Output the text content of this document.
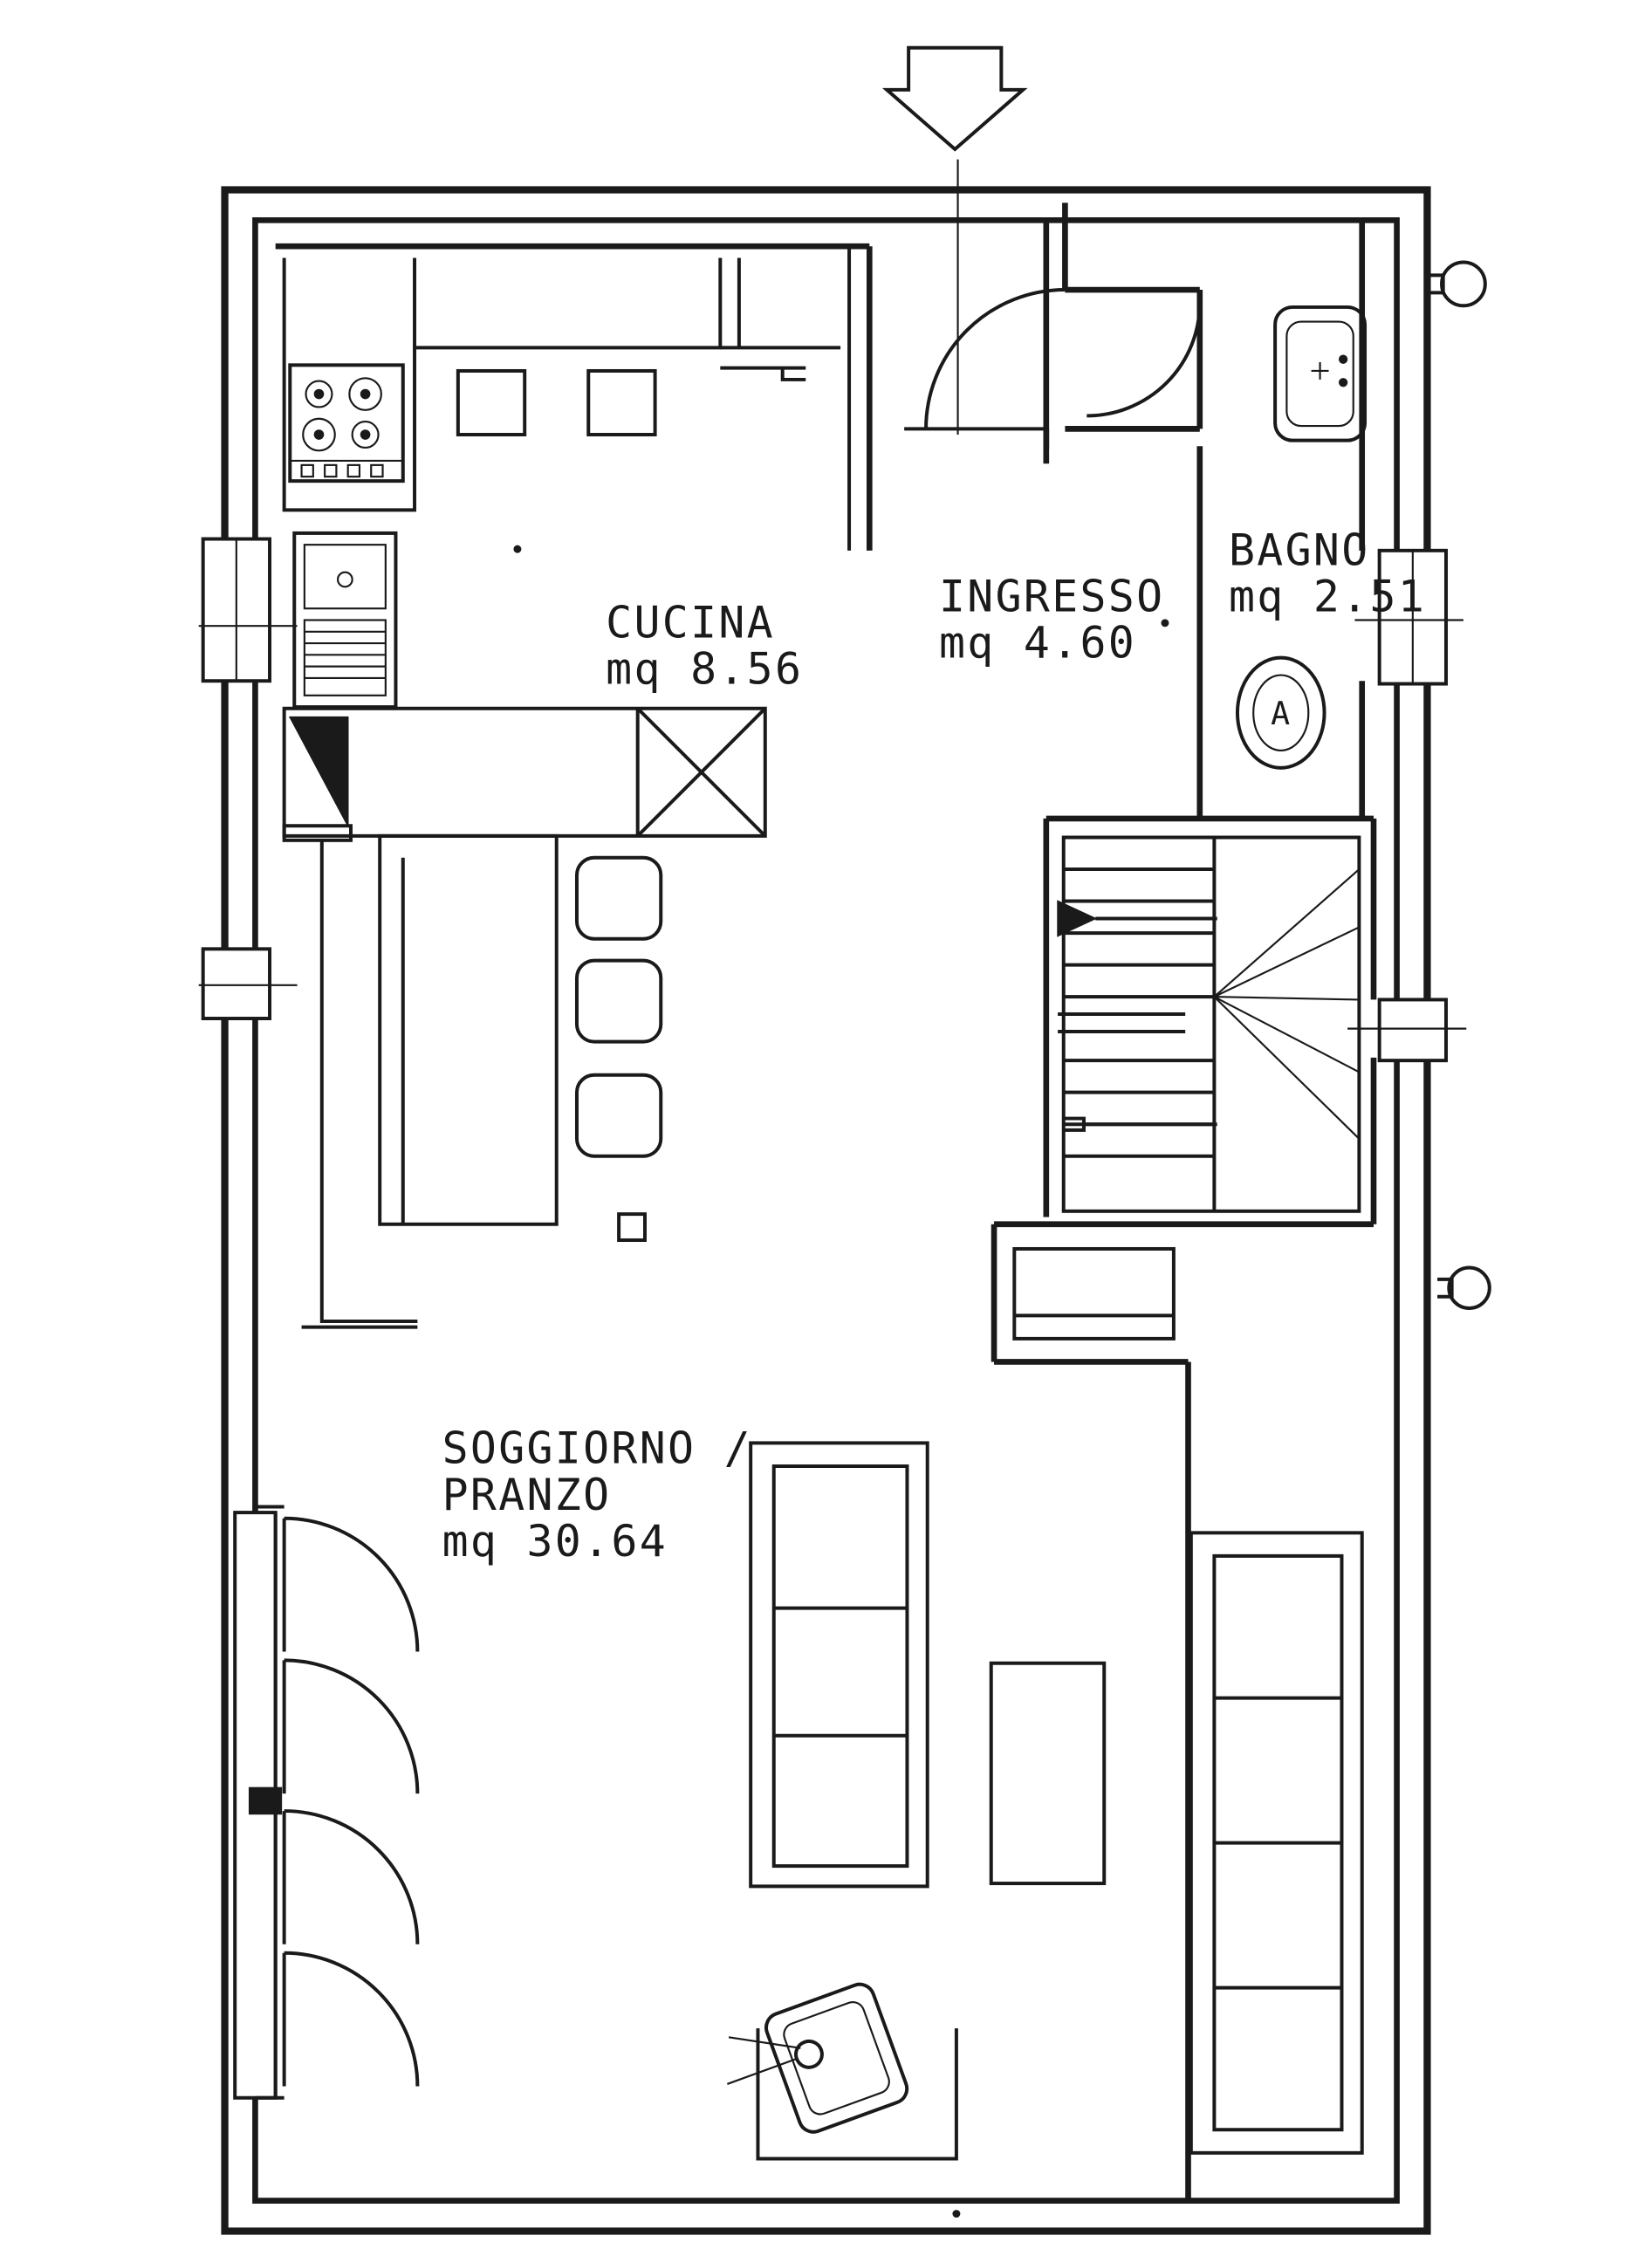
A
CUCINA
mq 8.56
INGRESSO
mq 4.60
BAGNO
mq 2.51
SOGGIORNO /
PRANZO
mq 30.64
